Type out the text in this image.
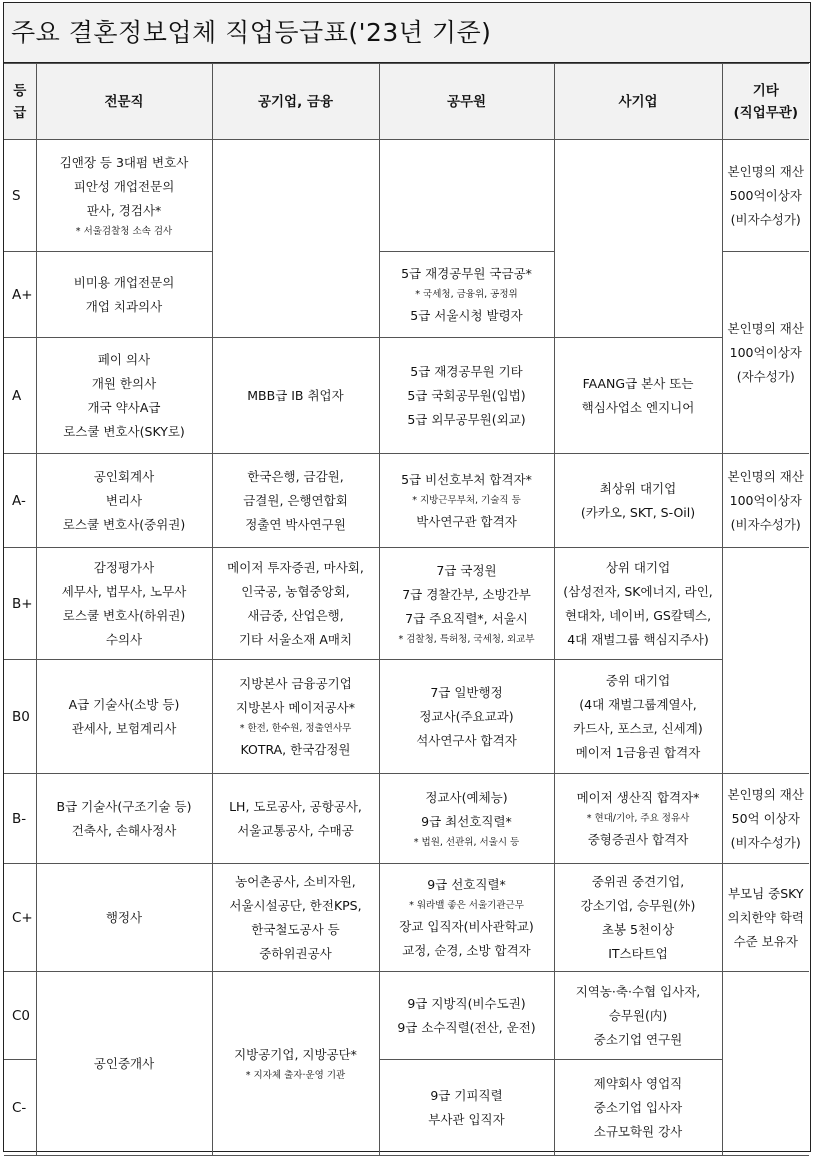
주요 결혼정보업체 직업등급표('23년 기준)
등
급	전문직	공기업, 금융	공무원	사기업	기타
(직업무관)

S	김앤장 등 3대펌 변호사
피안성 개업전문의
판사, 경검사*
* 서울검찰청 소속 검사				본인명의 재산
500억이상자
(비자수성가)

A+	비미용 개업전문의
개업 치과의사		5급 재경공무원 국금공*
* 국세청, 금융위, 공정위
5급 서울시청 발령자		본인명의 재산
100억이상자
(자수성가)

A	페이 의사
개원 한의사
개국 약사A급
로스쿨 변호사(SKY로)	MBB급 IB 취업자	5급 재경공무원 기타
5급 국회공무원(입법)
5급 외무공무원(외교)	FAANG급 본사 또는
핵심사업소 엔지니어	

A-	공인회계사
변리사
로스쿨 변호사(중위권)	한국은행, 금감원,
금결원, 은행연합회
정출연 박사연구원	5급 비선호부처 합격자*
* 지방근무부처, 기술직 등
박사연구관 합격자	최상위 대기업
(카카오, SKT, S-Oil)	본인명의 재산
100억이상자
(비자수성가)

B+	감정평가사
세무사, 법무사, 노무사
로스쿨 변호사(하위권)
수의사	메이저 투자증권, 마사회,
인국공, 농협중앙회,
새금중, 산업은행,
기타 서울소재 A매치	7급 국정원
7급 경찰간부, 소방간부
7급 주요직렬*, 서울시
* 검찰청, 특허청, 국세청, 외교부	상위 대기업
(삼성전자, SK에너지, 라인,
현대차, 네이버, GS칼텍스,
4대 재벌그룹 핵심지주사)	

B0	A급 기술사(소방 등)
관세사, 보험계리사	지방본사 금융공기업
지방본사 메이저공사*
* 한전, 한수원, 정출연사무
KOTRA, 한국감정원	7급 일반행정
정교사(주요교과)
석사연구사 합격자	중위 대기업
(4대 재벌그룹계열사,
카드사, 포스코, 신세계)
메이저 1금융권 합격자	

B-	B급 기술사(구조기술 등)
건축사, 손해사정사	LH, 도로공사, 공항공사,
서울교통공사, 수매공	정교사(예체능)
9급 최선호직렬*
* 법원, 선관위, 서울시 등	메이저 생산직 합격자*
* 현대/기아, 주요 정유사
중형증권사 합격자	본인명의 재산
50억 이상자
(비자수성가)

C+	행정사	농어촌공사, 소비자원,
서울시설공단, 한전KPS,
한국철도공사 등
중하위권공사	9급 선호직렬*
* 워라밸 좋은 서울기관근무
장교 입직자(비사관학교)
교정, 순경, 소방 합격자	중위권 중견기업,
강소기업, 승무원(外)
초봉 5천이상
IT스타트업	부모님 중SKY
의치한약 학력
수준 보유자

C0	공인중개사	지방공기업, 지방공단*
* 지자체 출자·운영 기관	9급 지방직(비수도권)
9급 소수직렬(전산, 운전)	지역농·축·수협 입사자,
승무원(内)
중소기업 연구원	

C-			9급 기피직렬
부사관 입직자	제약회사 영업직
중소기업 입사자
소규모학원 강사	
